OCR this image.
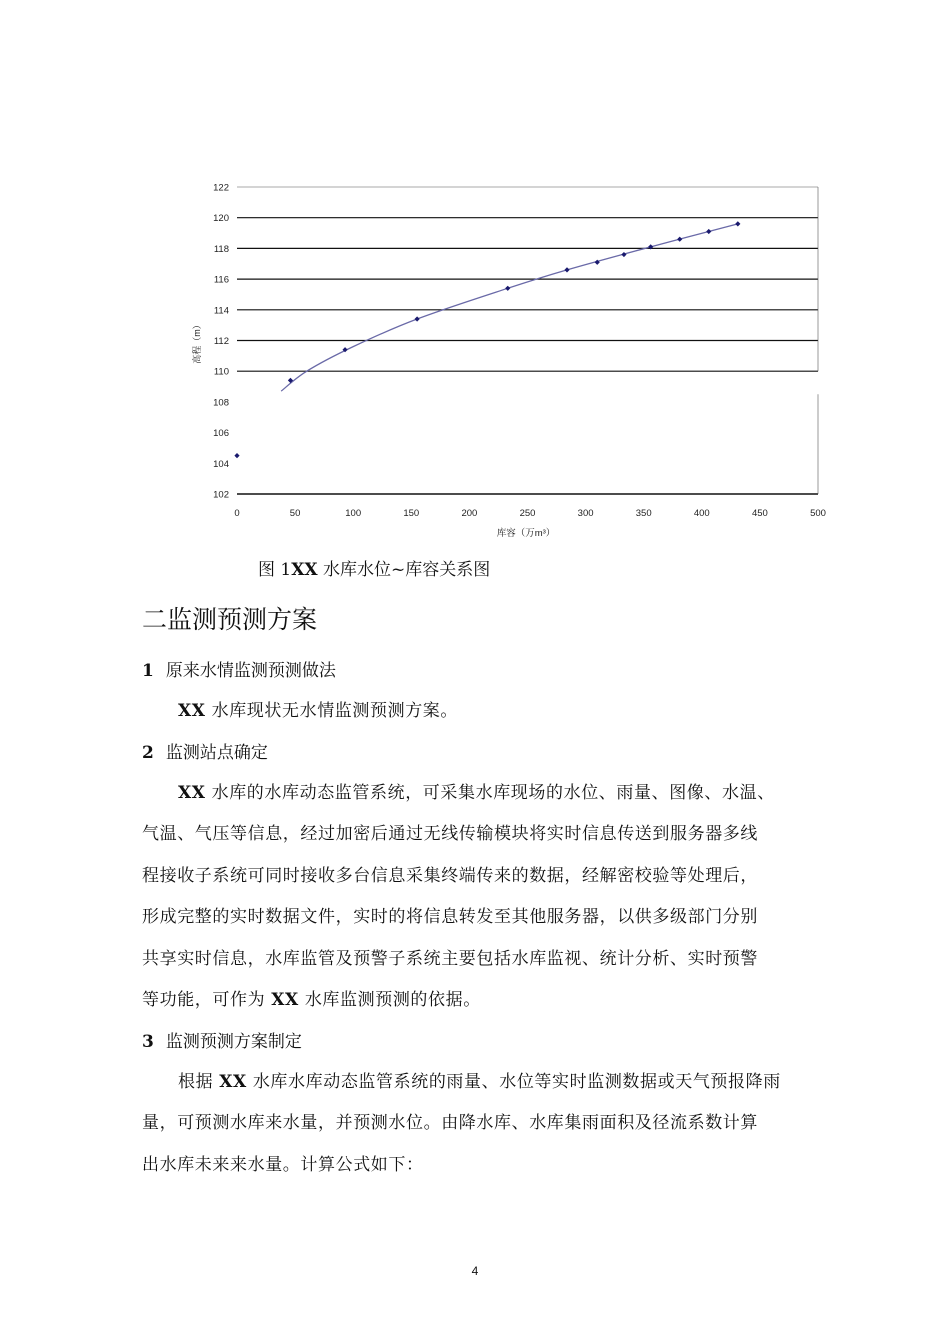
102
104
106
108
110
112
114
116
118
120
122
0	50	100	150	200	250	300	350	400	450	500
库容（万m³）
高程（m）
图 1XX 水库水位~库容关系图
二监测预测方案

1 原来水情监测预测做法

XX 水库现状无水情监测预测方案。

2 监测站点确定

XX 水库的水库动态监管系统，可采集水库现场的水位、雨量、图像、水温、

气温、气压等信息，经过加密后通过无线传输模块将实时信息传送到服务器多线

程接收子系统可同时接收多台信息采集终端传来的数据，经解密校验等处理后，

形成完整的实时数据文件，实时的将信息转发至其他服务器，以供多级部门分别

共享实时信息，水库监管及预警子系统主要包括水库监视、统计分析、实时预警

等功能，可作为 XX 水库监测预测的依据。

3 监测预测方案制定

根据 XX 水库水库动态监管系统的雨量、水位等实时监测数据或天气预报降雨

量，可预测水库来水量，并预测水位。由降水库、水库集雨面积及径流系数计算

出水库未来来水量。计算公式如下：

4
